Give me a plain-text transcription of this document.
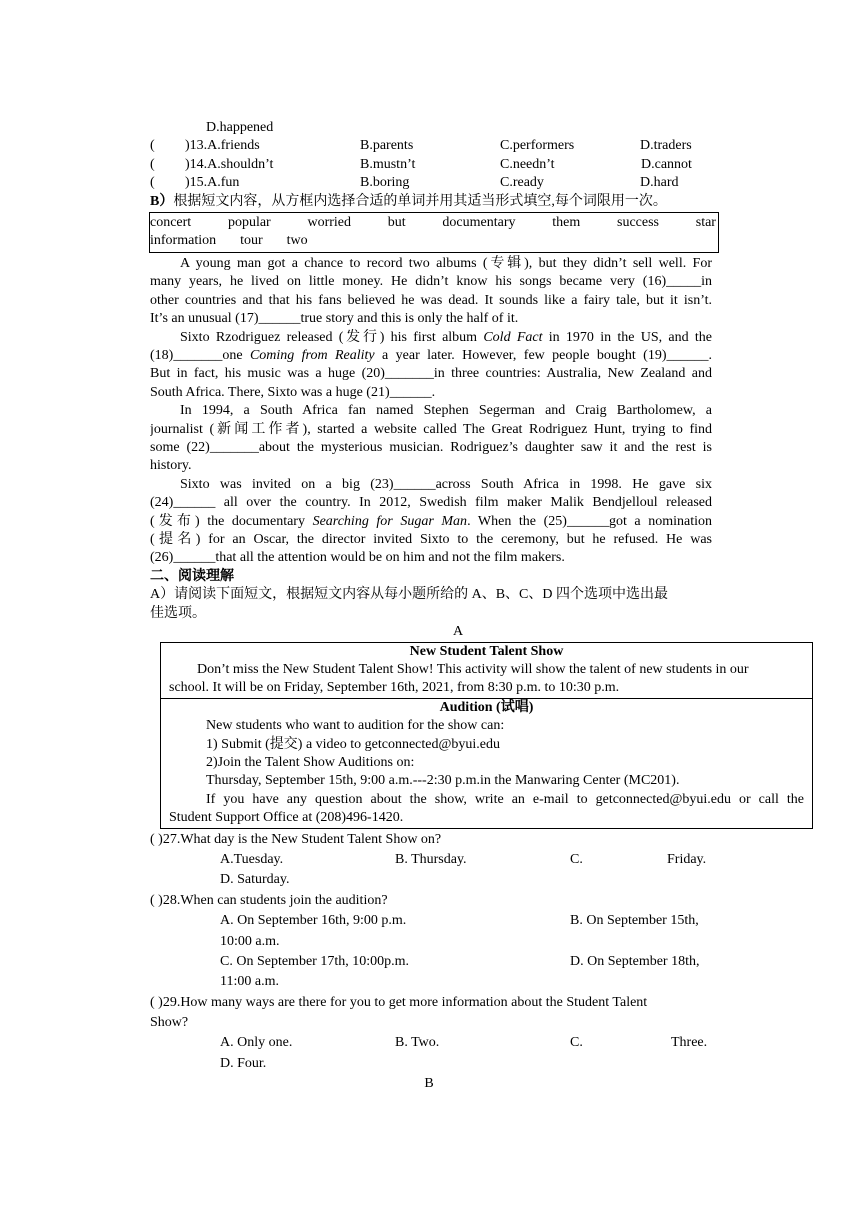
D.happened
( )13.A.friends	B.parents	C.performers	D.traders
( )14.A.shouldn’t	B.mustn’t	C.needn’t	D.cannot
( )15.A.fun	B.boring	C.ready	D.hard
B）根据短文内容，从方框内选择合适的单词并用其适当形式填空,每个词限用一次。
concert	popular	worried	but	documentary	them	success	star
information tour two
A young man got a chance to record two albums (专辑), but they didn’t sell well. For
many years, he lived on little money. He didn’t know his songs became very (16)_____in
other countries and that his fans believed he was dead. It sounds like a fairy tale, but it isn’t.
It’s an unusual (17)______true story and this is only the half of it.
Sixto Rzodriguez released (发行) his first album Cold Fact in 1970 in the US, and the
(18)_______one Coming from Reality a year later. However, few people bought (19)______.
But in fact, his music was a huge (20)_______in three countries: Australia, New Zealand and
South Africa. There, Sixto was a huge (21)______.
In 1994, a South Africa fan named Stephen Segerman and Craig Bartholomew, a
journalist (新闻工作者), started a website called The Great Rodriguez Hunt, trying to find
some (22)_______about the mysterious musician. Rodriguez’s daughter saw it and the rest is
history.
Sixto was invited on a big (23)______across South Africa in 1998. He gave six
(24)______ all over the country. In 2012, Swedish film maker Malik Bendjelloul released
(发布) the documentary Searching for Sugar Man. When the (25)______got a nomination
(提名) for an Oscar, the director invited Sixto to the ceremony, but he refused. He was
(26)______that all the attention would be on him and not the film makers.
二、阅读理解
A）请阅读下面短文，根据短文内容从每小题所给的 A、B、C、D 四个选项中选出最
佳选项。
A
New Student Talent Show

Don’t miss the New Student Talent Show! This activity will show the talent of new students in our
school. It will be on Friday, September 16th, 2021, from 8:30 p.m. to 10:30 p.m.

Audition (试唱)
New students who want to audition for the show can:
1) Submit (提交) a video to getconnected@byui.edu
2)Join the Talent Show Auditions on:
Thursday, September 15th, 9:00 a.m.---2:30 p.m.in the Manwaring Center (MC201).

If you have any question about the show, write an e-mail to getconnected@byui.edu or call the

Student Support Office at (208)496-1420.

( )27.What day is the New Student Talent Show on?
A.Tuesday.	B. Thursday.	C.	Friday.
D. Saturday.
( )28.When can students join the audition?
A. On September 16th, 9:00 p.m.	B. On September 15th,
10:00 a.m.
C. On September 17th, 10:00p.m.	D. On September 18th,
11:00 a.m.
( )29.How many ways are there for you to get more information about the Student Talent
Show?
A. Only one.	B. Two.	C.	Three.
D. Four.
B
